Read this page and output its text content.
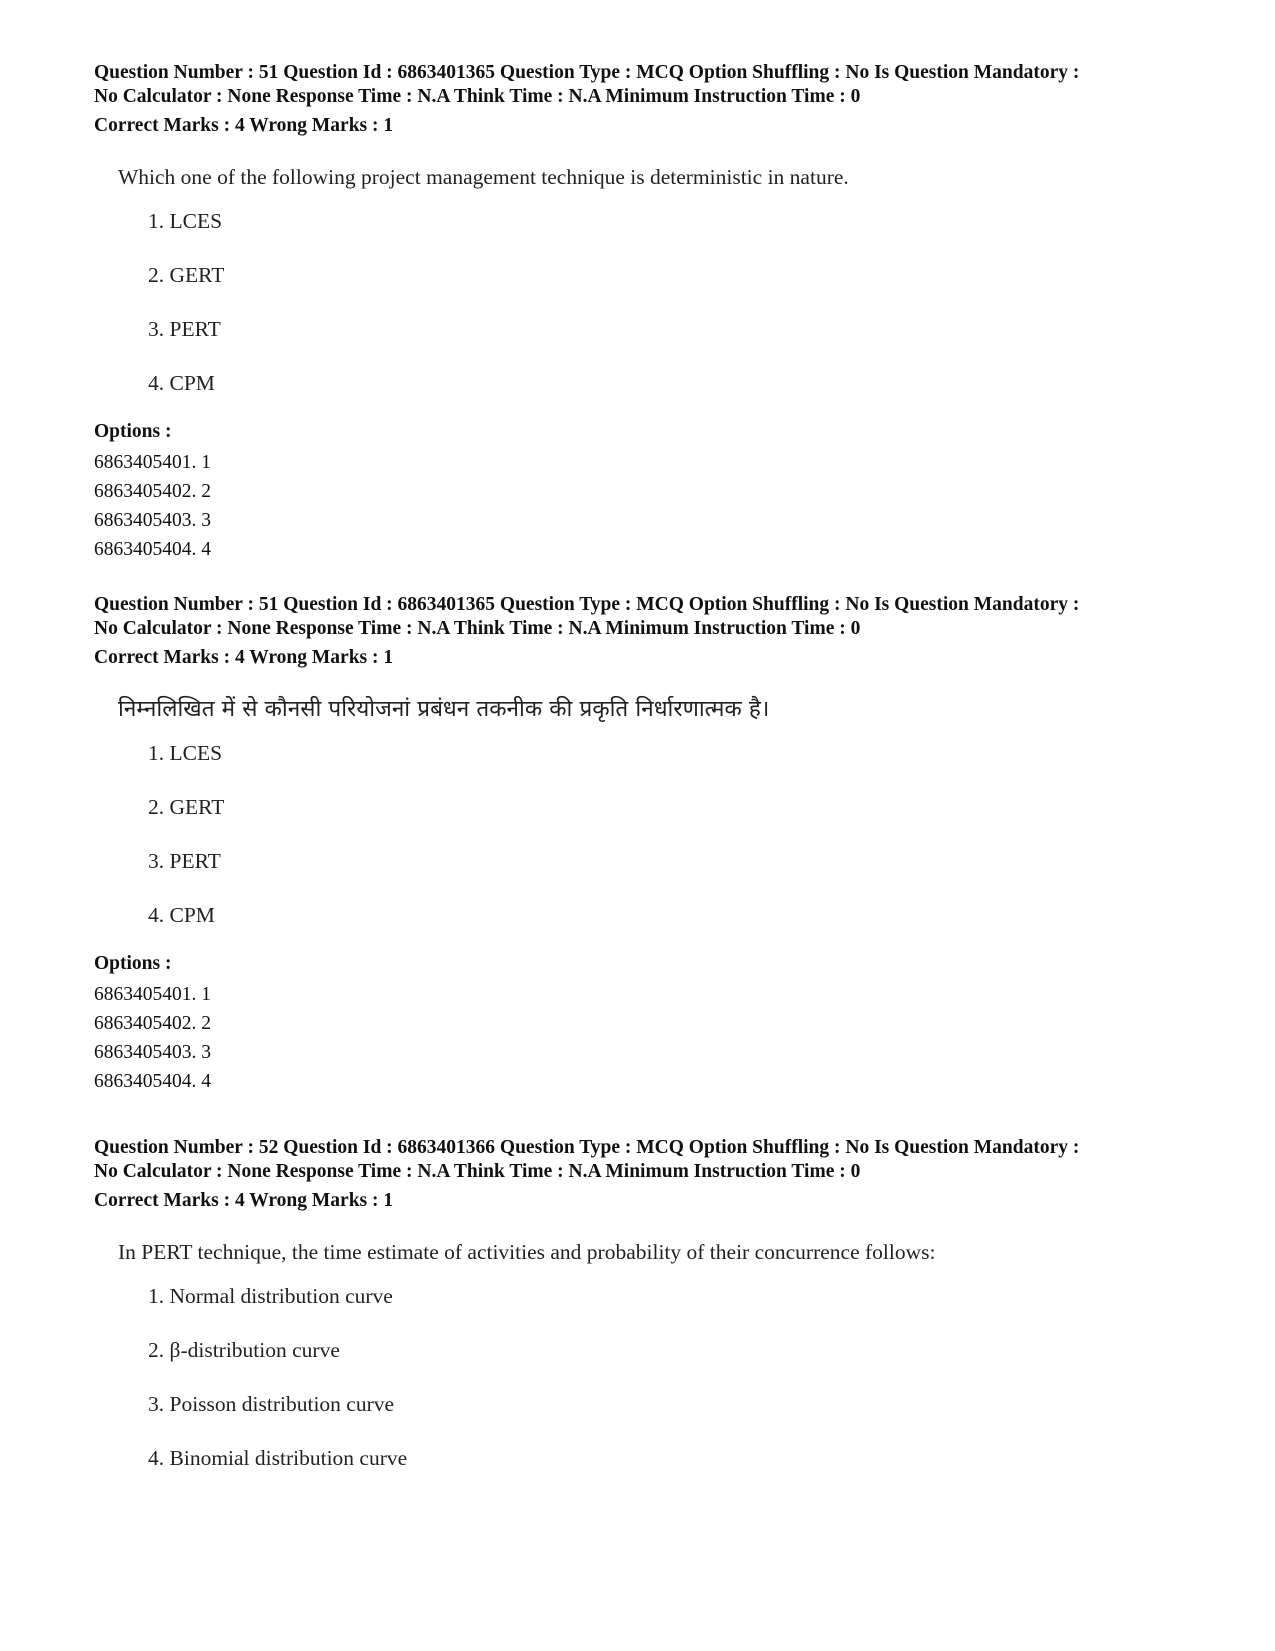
Question Number : 51 Question Id : 6863401365 Question Type : MCQ Option Shuffling : No Is Question Mandatory :

No Calculator : None Response Time : N.A Think Time : N.A Minimum Instruction Time : 0

Correct Marks : 4 Wrong Marks : 1

Which one of the following project management technique is deterministic in nature.

1. LCES
2. GERT
3. PERT
4. CPM

Options :

6863405401. 1
6863405402. 2
6863405403. 3
6863405404. 4

Question Number : 51 Question Id : 6863401365 Question Type : MCQ Option Shuffling : No Is Question Mandatory :

No Calculator : None Response Time : N.A Think Time : N.A Minimum Instruction Time : 0

Correct Marks : 4 Wrong Marks : 1

निम्नलिखित में से कौनसी परियोजनां प्रबंधन तकनीक की प्रकृति निर्धारणात्मक है।

1. LCES
2. GERT
3. PERT
4. CPM

Options :

6863405401. 1
6863405402. 2
6863405403. 3
6863405404. 4

Question Number : 52 Question Id : 6863401366 Question Type : MCQ Option Shuffling : No Is Question Mandatory :

No Calculator : None Response Time : N.A Think Time : N.A Minimum Instruction Time : 0

Correct Marks : 4 Wrong Marks : 1

In PERT technique, the time estimate of activities and probability of their concurrence follows:

1. Normal distribution curve
2. β-distribution curve
3. Poisson distribution curve
4. Binomial distribution curve
